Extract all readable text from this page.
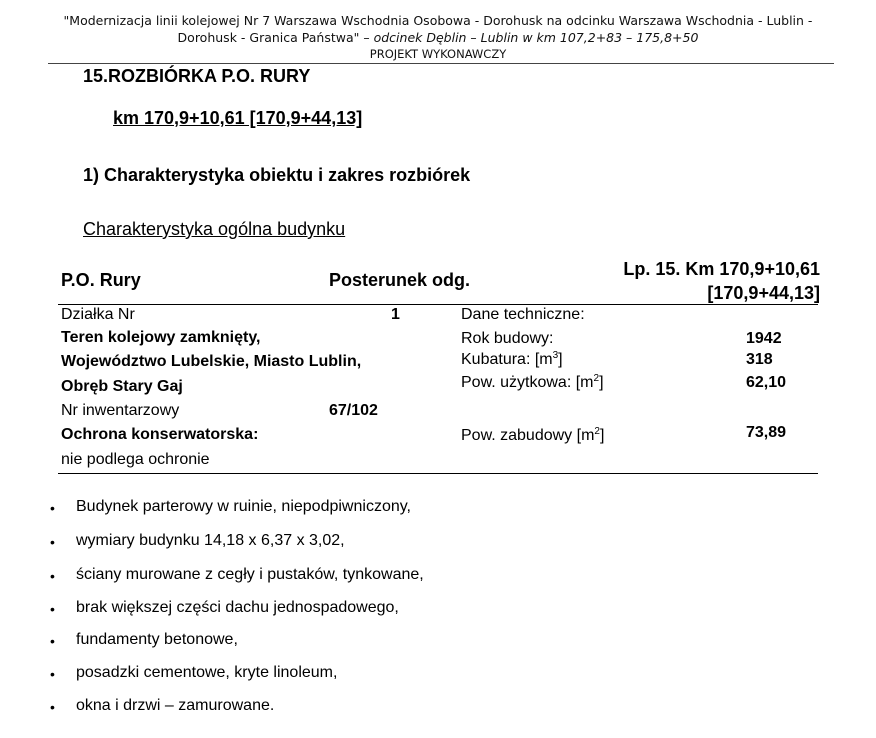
"Modernizacja linii kolejowej Nr 7 Warszawa Wschodnia Osobowa - Dorohusk na odcinku Warszawa Wschodnia - Lublin -
Dorohusk - Granica Państwa" – odcinek Dęblin – Lublin w km 107,2+83 – 175,8+50
PROJEKT WYKONAWCZY
15.ROZBIÓRKA P.O. RURY
km 170,9+10,61 [170,9+44,13]
1) Charakterystyka obiektu i zakres rozbiórek
Charakterystyka ogólna budynku
P.O. Rury	Posterunek odg.
Lp. 15. Km 170,9+10,61
[170,9+44,13]
Działka Nr	1
Teren kolejowy zamknięty,
Województwo Lubelskie, Miasto Lublin,
Obręb Stary Gaj
Nr inwentarzowy	67/102
Ochrona konserwatorska:
nie podlega ochronie
Dane techniczne:
Rok budowy:	1942
Kubatura: $[m^3]$	318
Pow. użytkowa: $[m^2]$	62,10
Pow. zabudowy $[m^2]$	73,89
•
Budynek parterowy w ruinie, niepodpiwniczony,
•
wymiary budynku 14,18 x 6,37 x 3,02,
•
ściany murowane z cegły i pustaków, tynkowane,
•
brak większej części dachu jednospadowego,
•
fundamenty betonowe,
•
posadzki cementowe, kryte linoleum,
•
okna i drzwi – zamurowane.
